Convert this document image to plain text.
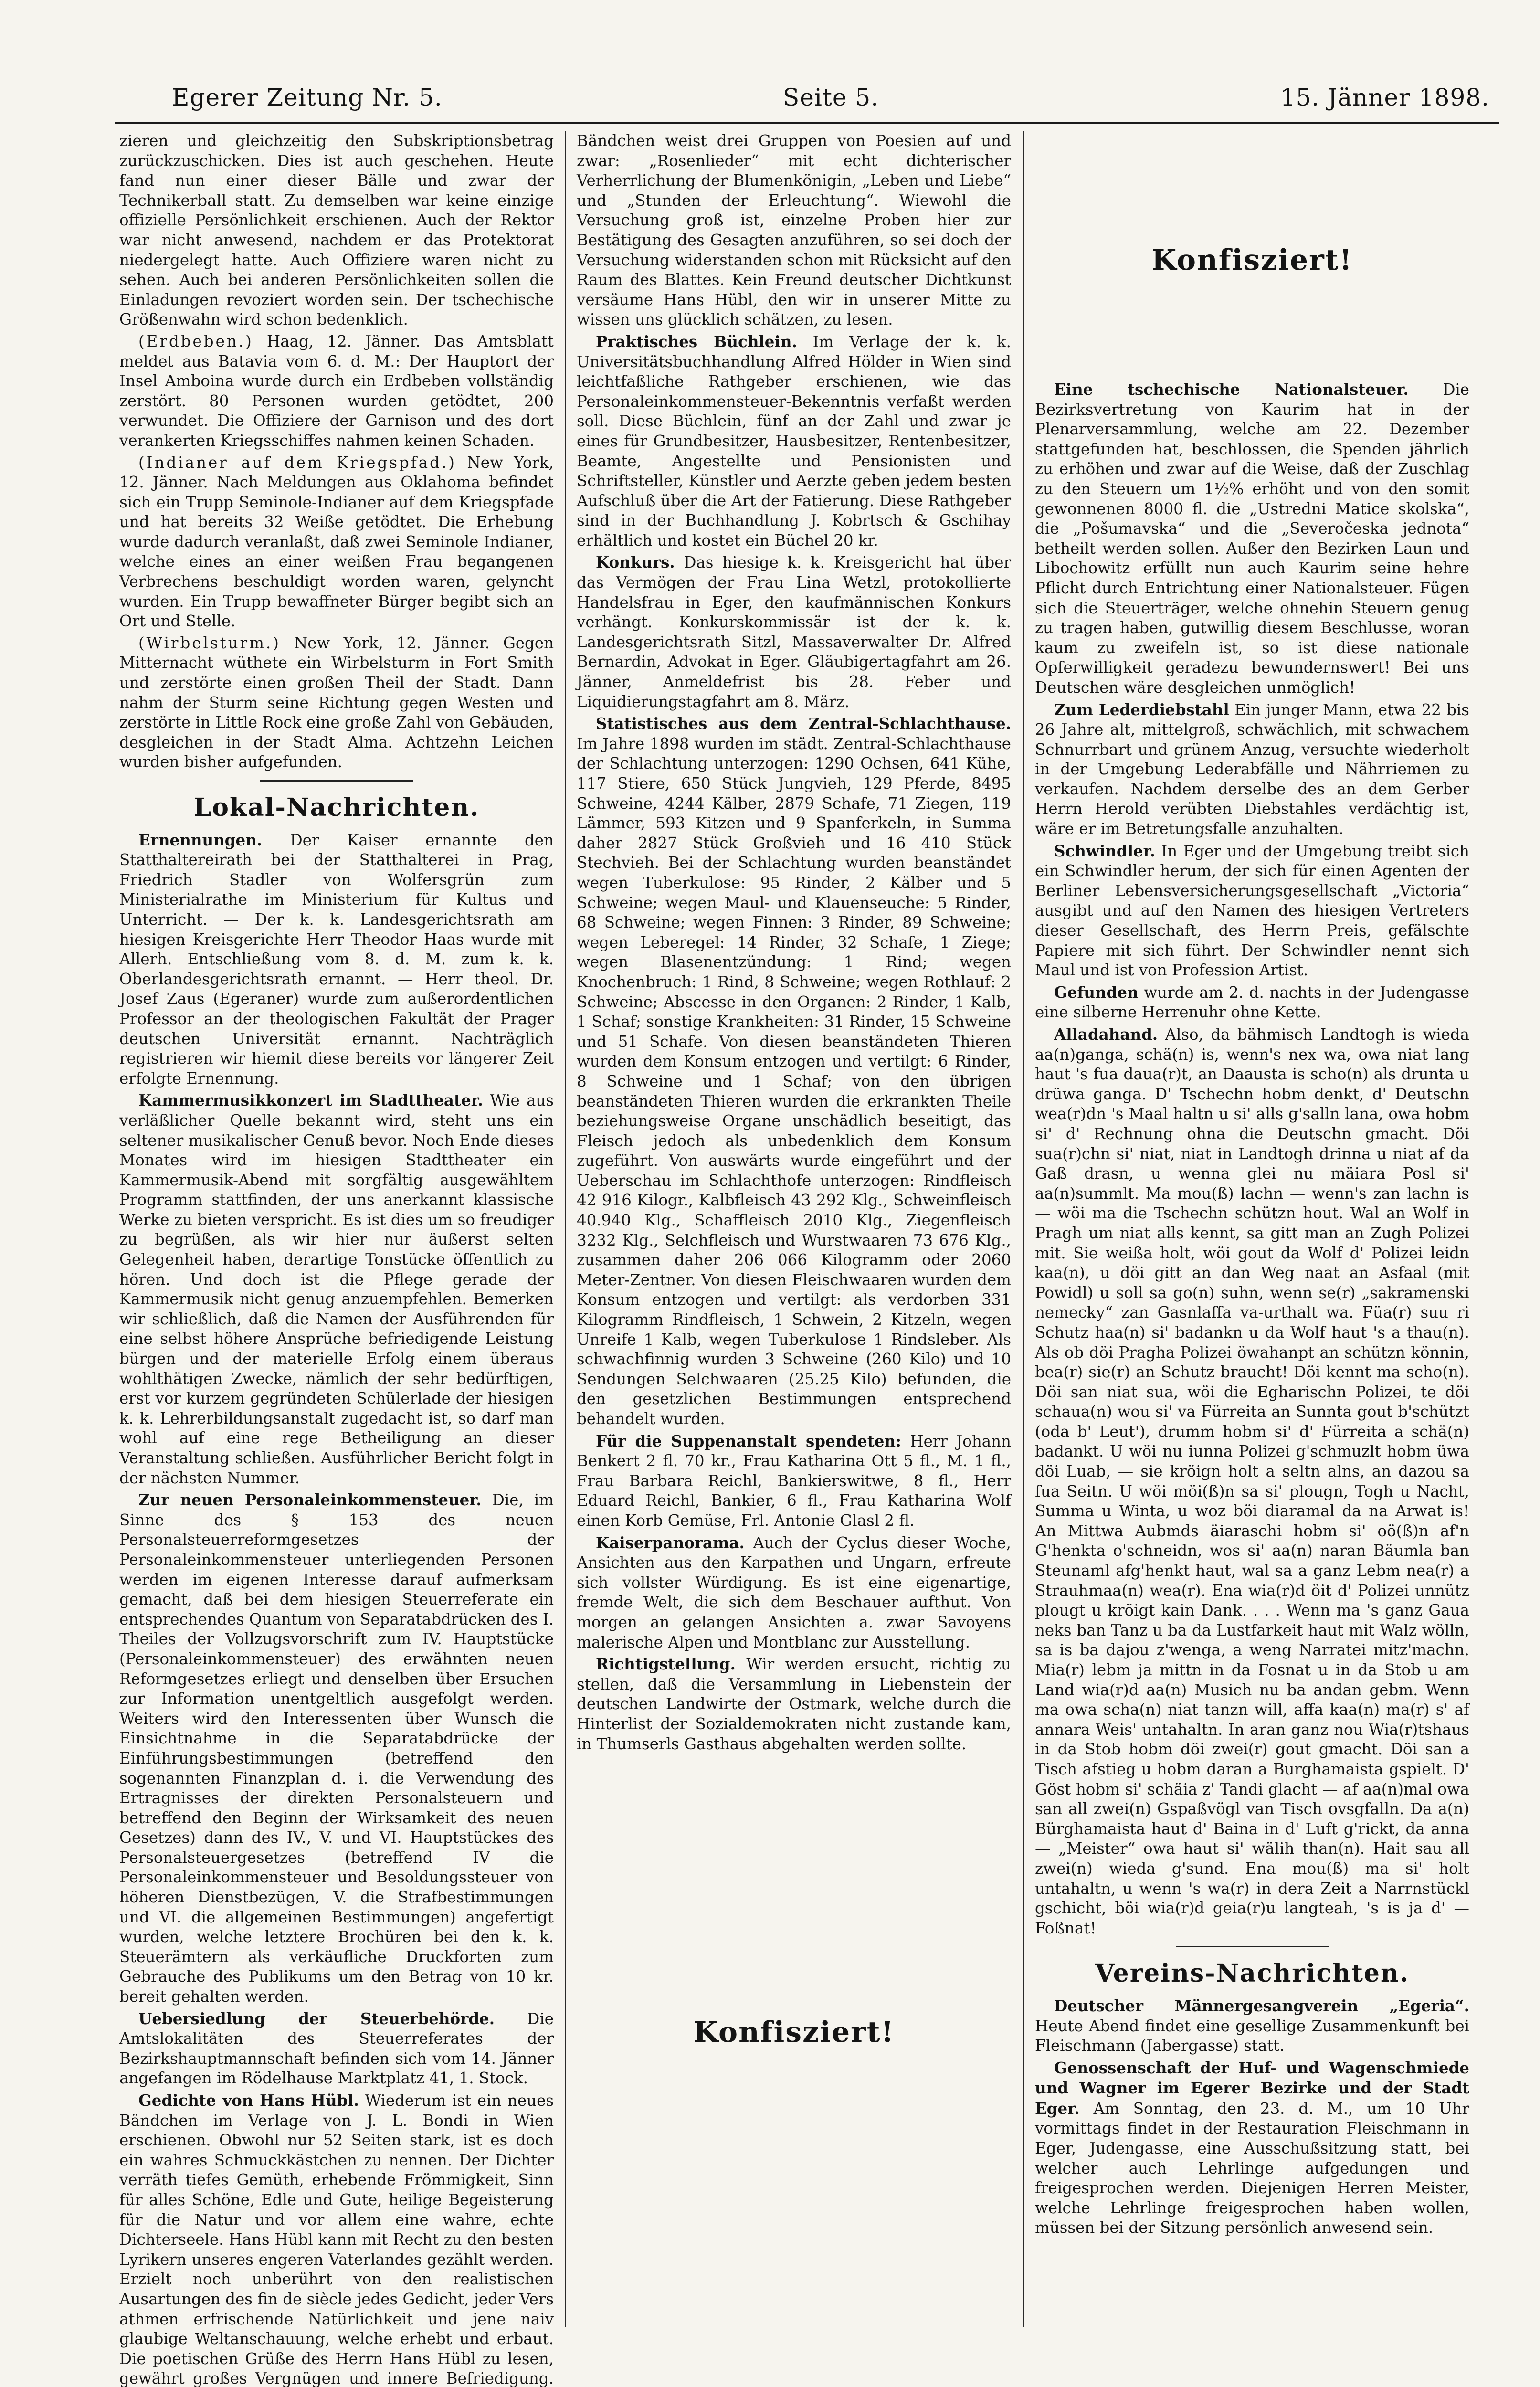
Egerer Zeitung Nr. 5.	Seite 5.	15. Jänner 1898.

zieren und gleichzeitig den Subskriptionsbetrag zurückzuschicken. Dies ist auch geschehen. Heute fand nun einer dieser Bälle und zwar der Technikerball statt. Zu demselben war keine einzige offizielle Persönlichkeit erschienen. Auch der Rektor war nicht anwesend, nachdem er das Protektorat niedergelegt hatte. Auch Offiziere waren nicht zu sehen. Auch bei anderen Persönlichkeiten sollen die Einladungen revoziert worden sein. Der tschechische Größenwahn wird schon bedenklich.

(Erdbeben.) Haag, 12. Jänner. Das Amtsblatt meldet aus Batavia vom 6. d. M.: Der Hauptort der Insel Amboina wurde durch ein Erdbeben vollständig zerstört. 80 Personen wurden getödtet, 200 verwundet. Die Offiziere der Garnison und des dort verankerten Kriegsschiffes nahmen keinen Schaden.

(Indianer auf dem Kriegspfad.) New York, 12. Jänner. Nach Meldungen aus Oklahoma befindet sich ein Trupp Seminole-Indianer auf dem Kriegspfade und hat bereits 32 Weiße getödtet. Die Erhebung wurde dadurch veranlaßt, daß zwei Seminole Indianer, welche eines an einer weißen Frau begangenen Verbrechens beschuldigt worden waren, gelyncht wurden. Ein Trupp bewaffneter Bürger begibt sich an Ort und Stelle.

(Wirbelsturm.) New York, 12. Jänner. Gegen Mitternacht wüthete ein Wirbelsturm in Fort Smith und zerstörte einen großen Theil der Stadt. Dann nahm der Sturm seine Richtung gegen Westen und zerstörte in Little Rock eine große Zahl von Gebäuden, desgleichen in der Stadt Alma. Achtzehn Leichen wurden bisher aufgefunden.

Lokal-Nachrichten.

Ernennungen. Der Kaiser ernannte den Statthaltereirath bei der Statthalterei in Prag, Friedrich Stadler von Wolfersgrün zum Ministerialrathe im Ministerium für Kultus und Unterricht. — Der k. k. Landesgerichtsrath am hiesigen Kreisgerichte Herr Theodor Haas wurde mit Allerh. Entschließung vom 8. d. M. zum k. k. Oberlandesgerichtsrath ernannt. — Herr theol. Dr. Josef Zaus (Egeraner) wurde zum außerordentlichen Professor an der theologischen Fakultät der Prager deutschen Universität ernannt. Nachträglich registrieren wir hiemit diese bereits vor längerer Zeit erfolgte Ernennung.

Kammermusikkonzert im Stadttheater. Wie aus verläßlicher Quelle bekannt wird, steht uns ein seltener musikalischer Genuß bevor. Noch Ende dieses Monates wird im hiesigen Stadttheater ein Kammermusik-Abend mit sorgfältig ausgewähltem Programm stattfinden, der uns anerkannt klassische Werke zu bieten verspricht. Es ist dies um so freudiger zu begrüßen, als wir hier nur äußerst selten Gelegenheit haben, derartige Tonstücke öffentlich zu hören. Und doch ist die Pflege gerade der Kammermusik nicht genug anzuempfehlen. Bemerken wir schließlich, daß die Namen der Ausführenden für eine selbst höhere Ansprüche befriedigende Leistung bürgen und der materielle Erfolg einem überaus wohlthätigen Zwecke, nämlich der sehr bedürftigen, erst vor kurzem gegründeten Schülerlade der hiesigen k. k. Lehrerbildungsanstalt zugedacht ist, so darf man wohl auf eine rege Betheiligung an dieser Veranstaltung schließen. Ausführlicher Bericht folgt in der nächsten Nummer.

Zur neuen Personaleinkommensteuer. Die, im Sinne des § 153 des neuen Personalsteuerreformgesetzes der Personaleinkommensteuer unterliegenden Personen werden im eigenen Interesse darauf aufmerksam gemacht, daß bei dem hiesigen Steuerreferate ein entsprechendes Quantum von Separatabdrücken des I. Theiles der Vollzugsvorschrift zum IV. Hauptstücke (Personaleinkommensteuer) des erwähnten neuen Reformgesetzes erliegt und denselben über Ersuchen zur Information unentgeltlich ausgefolgt werden. Weiters wird den Interessenten über Wunsch die Einsichtnahme in die Separatabdrücke der Einführungsbestimmungen (betreffend den sogenannten Finanzplan d. i. die Verwendung des Ertragnisses der direkten Personalsteuern und betreffend den Beginn der Wirksamkeit des neuen Gesetzes) dann des IV., V. und VI. Hauptstückes des Personalsteuergesetzes (betreffend IV die Personaleinkommensteuer und Besoldungssteuer von höheren Dienstbezügen, V. die Strafbestimmungen und VI. die allgemeinen Bestimmungen) angefertigt wurden, welche letztere Brochüren bei den k. k. Steuerämtern als verkäufliche Druckforten zum Gebrauche des Publikums um den Betrag von 10 kr. bereit gehalten werden.

Uebersiedlung der Steuerbehörde. Die Amtslokalitäten des Steuerreferates der Bezirkshauptmannschaft befinden sich vom 14. Jänner angefangen im Rödelhause Marktplatz 41, 1. Stock.

Gedichte von Hans Hübl. Wiederum ist ein neues Bändchen im Verlage von J. L. Bondi in Wien erschienen. Obwohl nur 52 Seiten stark, ist es doch ein wahres Schmuckkästchen zu nennen. Der Dichter verräth tiefes Gemüth, erhebende Frömmigkeit, Sinn für alles Schöne, Edle und Gute, heilige Begeisterung für die Natur und vor allem eine wahre, echte Dichterseele. Hans Hübl kann mit Recht zu den besten Lyrikern unseres engeren Vaterlandes gezählt werden. Erzielt noch unberührt von den realistischen Ausartungen des fin de siècle jedes Gedicht, jeder Vers athmen erfrischende Natürlichkeit und jene naiv glaubige Weltanschauung, welche erhebt und erbaut. Die poetischen Grüße des Herrn Hans Hübl zu lesen, gewährt großes Vergnügen und innere Befriedigung.

Bändchen weist drei Gruppen von Poesien auf und zwar: „Rosenlieder“ mit echt dichterischer Verherrlichung der Blumenkönigin, „Leben und Liebe“ und „Stunden der Erleuchtung“. Wiewohl die Versuchung groß ist, einzelne Proben hier zur Bestätigung des Gesagten anzuführen, so sei doch der Versuchung widerstanden schon mit Rücksicht auf den Raum des Blattes. Kein Freund deutscher Dichtkunst versäume Hans Hübl, den wir in unserer Mitte zu wissen uns glücklich schätzen, zu lesen.

Praktisches Büchlein. Im Verlage der k. k. Universitätsbuchhandlung Alfred Hölder in Wien sind leichtfaßliche Rathgeber erschienen, wie das Personaleinkommensteuer-Bekenntnis verfaßt werden soll. Diese Büchlein, fünf an der Zahl und zwar je eines für Grundbesitzer, Hausbesitzer, Rentenbesitzer, Beamte, Angestellte und Pensionisten und Schriftsteller, Künstler und Aerzte geben jedem besten Aufschluß über die Art der Fatierung. Diese Rathgeber sind in der Buchhandlung J. Kobrtsch & Gschihay erhältlich und kostet ein Büchel 20 kr.

Konkurs. Das hiesige k. k. Kreisgericht hat über das Vermögen der Frau Lina Wetzl, protokollierte Handelsfrau in Eger, den kaufmännischen Konkurs verhängt. Konkurskommissär ist der k. k. Landesgerichtsrath Sitzl, Massaverwalter Dr. Alfred Bernardin, Advokat in Eger. Gläubigertagfahrt am 26. Jänner, Anmeldefrist bis 28. Feber und Liquidierungstagfahrt am 8. März.

Statistisches aus dem Zentral-Schlachthause. Im Jahre 1898 wurden im städt. Zentral-Schlachthause der Schlachtung unterzogen: 1290 Ochsen, 641 Kühe, 117 Stiere, 650 Stück Jungvieh, 129 Pferde, 8495 Schweine, 4244 Kälber, 2879 Schafe, 71 Ziegen, 119 Lämmer, 593 Kitzen und 9 Spanferkeln, in Summa daher 2827 Stück Großvieh und 16 410 Stück Stechvieh. Bei der Schlachtung wurden beanständet wegen Tuberkulose: 95 Rinder, 2 Kälber und 5 Schweine; wegen Maul- und Klauenseuche: 5 Rinder, 68 Schweine; wegen Finnen: 3 Rinder, 89 Schweine; wegen Leberegel: 14 Rinder, 32 Schafe, 1 Ziege; wegen Blasenentzündung: 1 Rind; wegen Knochenbruch: 1 Rind, 8 Schweine; wegen Rothlauf: 2 Schweine; Abscesse in den Organen: 2 Rinder, 1 Kalb, 1 Schaf; sonstige Krankheiten: 31 Rinder, 15 Schweine und 51 Schafe. Von diesen beanständeten Thieren wurden dem Konsum entzogen und vertilgt: 6 Rinder, 8 Schweine und 1 Schaf; von den übrigen beanständeten Thieren wurden die erkrankten Theile beziehungsweise Organe unschädlich beseitigt, das Fleisch jedoch als unbedenklich dem Konsum zugeführt. Von auswärts wurde eingeführt und der Ueberschau im Schlachthofe unterzogen: Rindfleisch 42 916 Kilogr., Kalbfleisch 43 292 Klg., Schweinfleisch 40.940 Klg., Schaffleisch 2010 Klg., Ziegenfleisch 3232 Klg., Selchfleisch und Wurstwaaren 73 676 Klg., zusammen daher 206 066 Kilogramm oder 2060 Meter-Zentner. Von diesen Fleischwaaren wurden dem Konsum entzogen und vertilgt: als verdorben 331 Kilogramm Rindfleisch, 1 Schwein, 2 Kitzeln, wegen Unreife 1 Kalb, wegen Tuberkulose 1 Rindsleber. Als schwachfinnig wurden 3 Schweine (260 Kilo) und 10 Sendungen Selchwaaren (25.25 Kilo) befunden, die den gesetzlichen Bestimmungen entsprechend behandelt wurden.

Für die Suppenanstalt spendeten: Herr Johann Benkert 2 fl. 70 kr., Frau Katharina Ott 5 fl., M. 1 fl., Frau Barbara Reichl, Bankierswitwe, 8 fl., Herr Eduard Reichl, Bankier, 6 fl., Frau Katharina Wolf einen Korb Gemüse, Frl. Antonie Glasl 2 fl.

Kaiserpanorama. Auch der Cyclus dieser Woche, Ansichten aus den Karpathen und Ungarn, erfreute sich vollster Würdigung. Es ist eine eigenartige, fremde Welt, die sich dem Beschauer aufthut. Von morgen an gelangen Ansichten a. zwar Savoyens malerische Alpen und Montblanc zur Ausstellung.

Richtigstellung. Wir werden ersucht, richtig zu stellen, daß die Versammlung in Liebenstein der deutschen Landwirte der Ostmark, welche durch die Hinterlist der Sozialdemokraten nicht zustande kam, in Thumserls Gasthaus abgehalten werden sollte.

Konfisziert!
Konfisziert!

Eine tschechische Nationalsteuer. Die Bezirksvertretung von Kaurim hat in der Plenarversammlung, welche am 22. Dezember stattgefunden hat, beschlossen, die Spenden jährlich zu erhöhen und zwar auf die Weise, daß der Zuschlag zu den Steuern um 1½% erhöht und von den somit gewonnenen 8000 fl. die „Ustredni Matice skolska“, die „Pošumavska“ und die „Severočeska jednota“ betheilt werden sollen. Außer den Bezirken Laun und Libochowitz erfüllt nun auch Kaurim seine hehre Pflicht durch Entrichtung einer Nationalsteuer. Fügen sich die Steuerträger, welche ohnehin Steuern genug zu tragen haben, gutwillig diesem Beschlusse, woran kaum zu zweifeln ist, so ist diese nationale Opferwilligkeit geradezu bewundernswert! Bei uns Deutschen wäre desgleichen unmöglich!

Zum Lederdiebstahl Ein junger Mann, etwa 22 bis 26 Jahre alt, mittelgroß, schwächlich, mit schwachem Schnurrbart und grünem Anzug, versuchte wiederholt in der Umgebung Lederabfälle und Nährriemen zu verkaufen. Nachdem derselbe des an dem Gerber Herrn Herold verübten Diebstahles verdächtig ist, wäre er im Betretungsfalle anzuhalten.

Schwindler. In Eger und der Umgebung treibt sich ein Schwindler herum, der sich für einen Agenten der Berliner Lebensversicherungsgesellschaft „Victoria“ ausgibt und auf den Namen des hiesigen Vertreters dieser Gesellschaft, des Herrn Preis, gefälschte Papiere mit sich führt. Der Schwindler nennt sich Maul und ist von Profession Artist.

Gefunden wurde am 2. d. nachts in der Judengasse eine silberne Herrenuhr ohne Kette.

Alladahand. Also, da bähmisch Landtogh is wieda aa(n)ganga, schä(n) is, wenn's nex wa, owa niat lang haut 's fua daua(r)t, an Daausta is scho(n) als drunta u drüwa ganga. D' Tschechn hobm denkt, d' Deutschn wea(r)dn 's Maal haltn u si' alls g'salln lana, owa hobm si' d' Rechnung ohna die Deutschn gmacht. Döi sua(r)chn si' niat, niat in Landtogh drinna u niat af da Gaß drasn, u wenna glei nu mäiara Posl si' aa(n)summlt. Ma mou(ß) lachn — wenn's zan lachn is — wöi ma die Tschechn schützn hout. Wal an Wolf in Pragh um niat alls kennt, sa gitt man an Zugh Polizei mit. Sie weißa holt, wöi gout da Wolf d' Polizei leidn kaa(n), u döi gitt an dan Weg naat an Asfaal (mit Powidl) u soll sa go(n) suhn, wenn se(r) „sakramenski nemecky“ zan Gasnlaffa va-urthalt wa. Füa(r) suu ri Schutz haa(n) si' badankn u da Wolf haut 's a thau(n). Als ob döi Pragha Polizei öwahanpt an schützn könnin, bea(r) sie(r) an Schutz braucht! Döi kennt ma scho(n). Döi san niat sua, wöi die Egharischn Polizei, te döi schaua(n) wou si' va Fürreita an Sunnta gout b'schützt (oda b' Leut'), drumm hobm si' d' Fürreita a schä(n) badankt. U wöi nu iunna Polizei g'schmuzlt hobm üwa döi Luab, — sie kröign holt a seltn alns, an dazou sa fua Seitn. U wöi möi(ß)n sa si' plougn, Togh u Nacht, Summa u Winta, u woz böi diaramal da na Arwat is! An Mittwa Aubmds äiaraschi hobm si' oö(ß)n af'n G'henkta o'schneidn, wos si' aa(n) naran Bäumla ban Steunaml afg'henkt haut, wal sa a ganz Lebm nea(r) a Strauhmaa(n) wea(r). Ena wia(r)d öit d' Polizei unnütz plougt u kröigt kain Dank. . . . Wenn ma 's ganz Gaua neks ban Tanz u ba da Lustfarkeit haut mit Walz wölln, sa is ba dajou z'wenga, a weng Narratei mitz'machn. Mia(r) lebm ja mittn in da Fosnat u in da Stob u am Land wia(r)d aa(n) Musich nu ba andan gebm. Wenn ma owa scha(n) niat tanzn will, affa kaa(n) ma(r) s' af annara Weis' untahaltn. In aran ganz nou Wia(r)tshaus in da Stob hobm döi zwei(r) gout gmacht. Döi san a Tisch afstieg u hobm daran a Burghamaista gspielt. D' Göst hobm si' schäia z' Tandi glacht — af aa(n)mal owa san all zwei(n) Gspaßvögl van Tisch ovsgfalln. Da a(n) Bürghamaista haut d' Baina in d' Luft g'rickt, da anna — „Meister“ owa haut si' wälih than(n). Hait sau all zwei(n) wieda g'sund. Ena mou(ß) ma si' holt untahaltn, u wenn 's wa(r) in dera Zeit a Narrnstückl gschicht, böi wia(r)d geia(r)u langteah, 's is ja d' — Foßnat!

Vereins-Nachrichten.

Deutscher Männergesangverein „Egeria“. Heute Abend findet eine gesellige Zusammenkunft bei Fleischmann (Jabergasse) statt.

Genossenschaft der Huf- und Wagenschmiede und Wagner im Egerer Bezirke und der Stadt Eger. Am Sonntag, den 23. d. M., um 10 Uhr vormittags findet in der Restauration Fleischmann in Eger, Judengasse, eine Ausschußsitzung statt, bei welcher auch Lehrlinge aufgedungen und freigesprochen werden. Diejenigen Herren Meister, welche Lehrlinge freigesprochen haben wollen, müssen bei der Sitzung persönlich anwesend sein.
